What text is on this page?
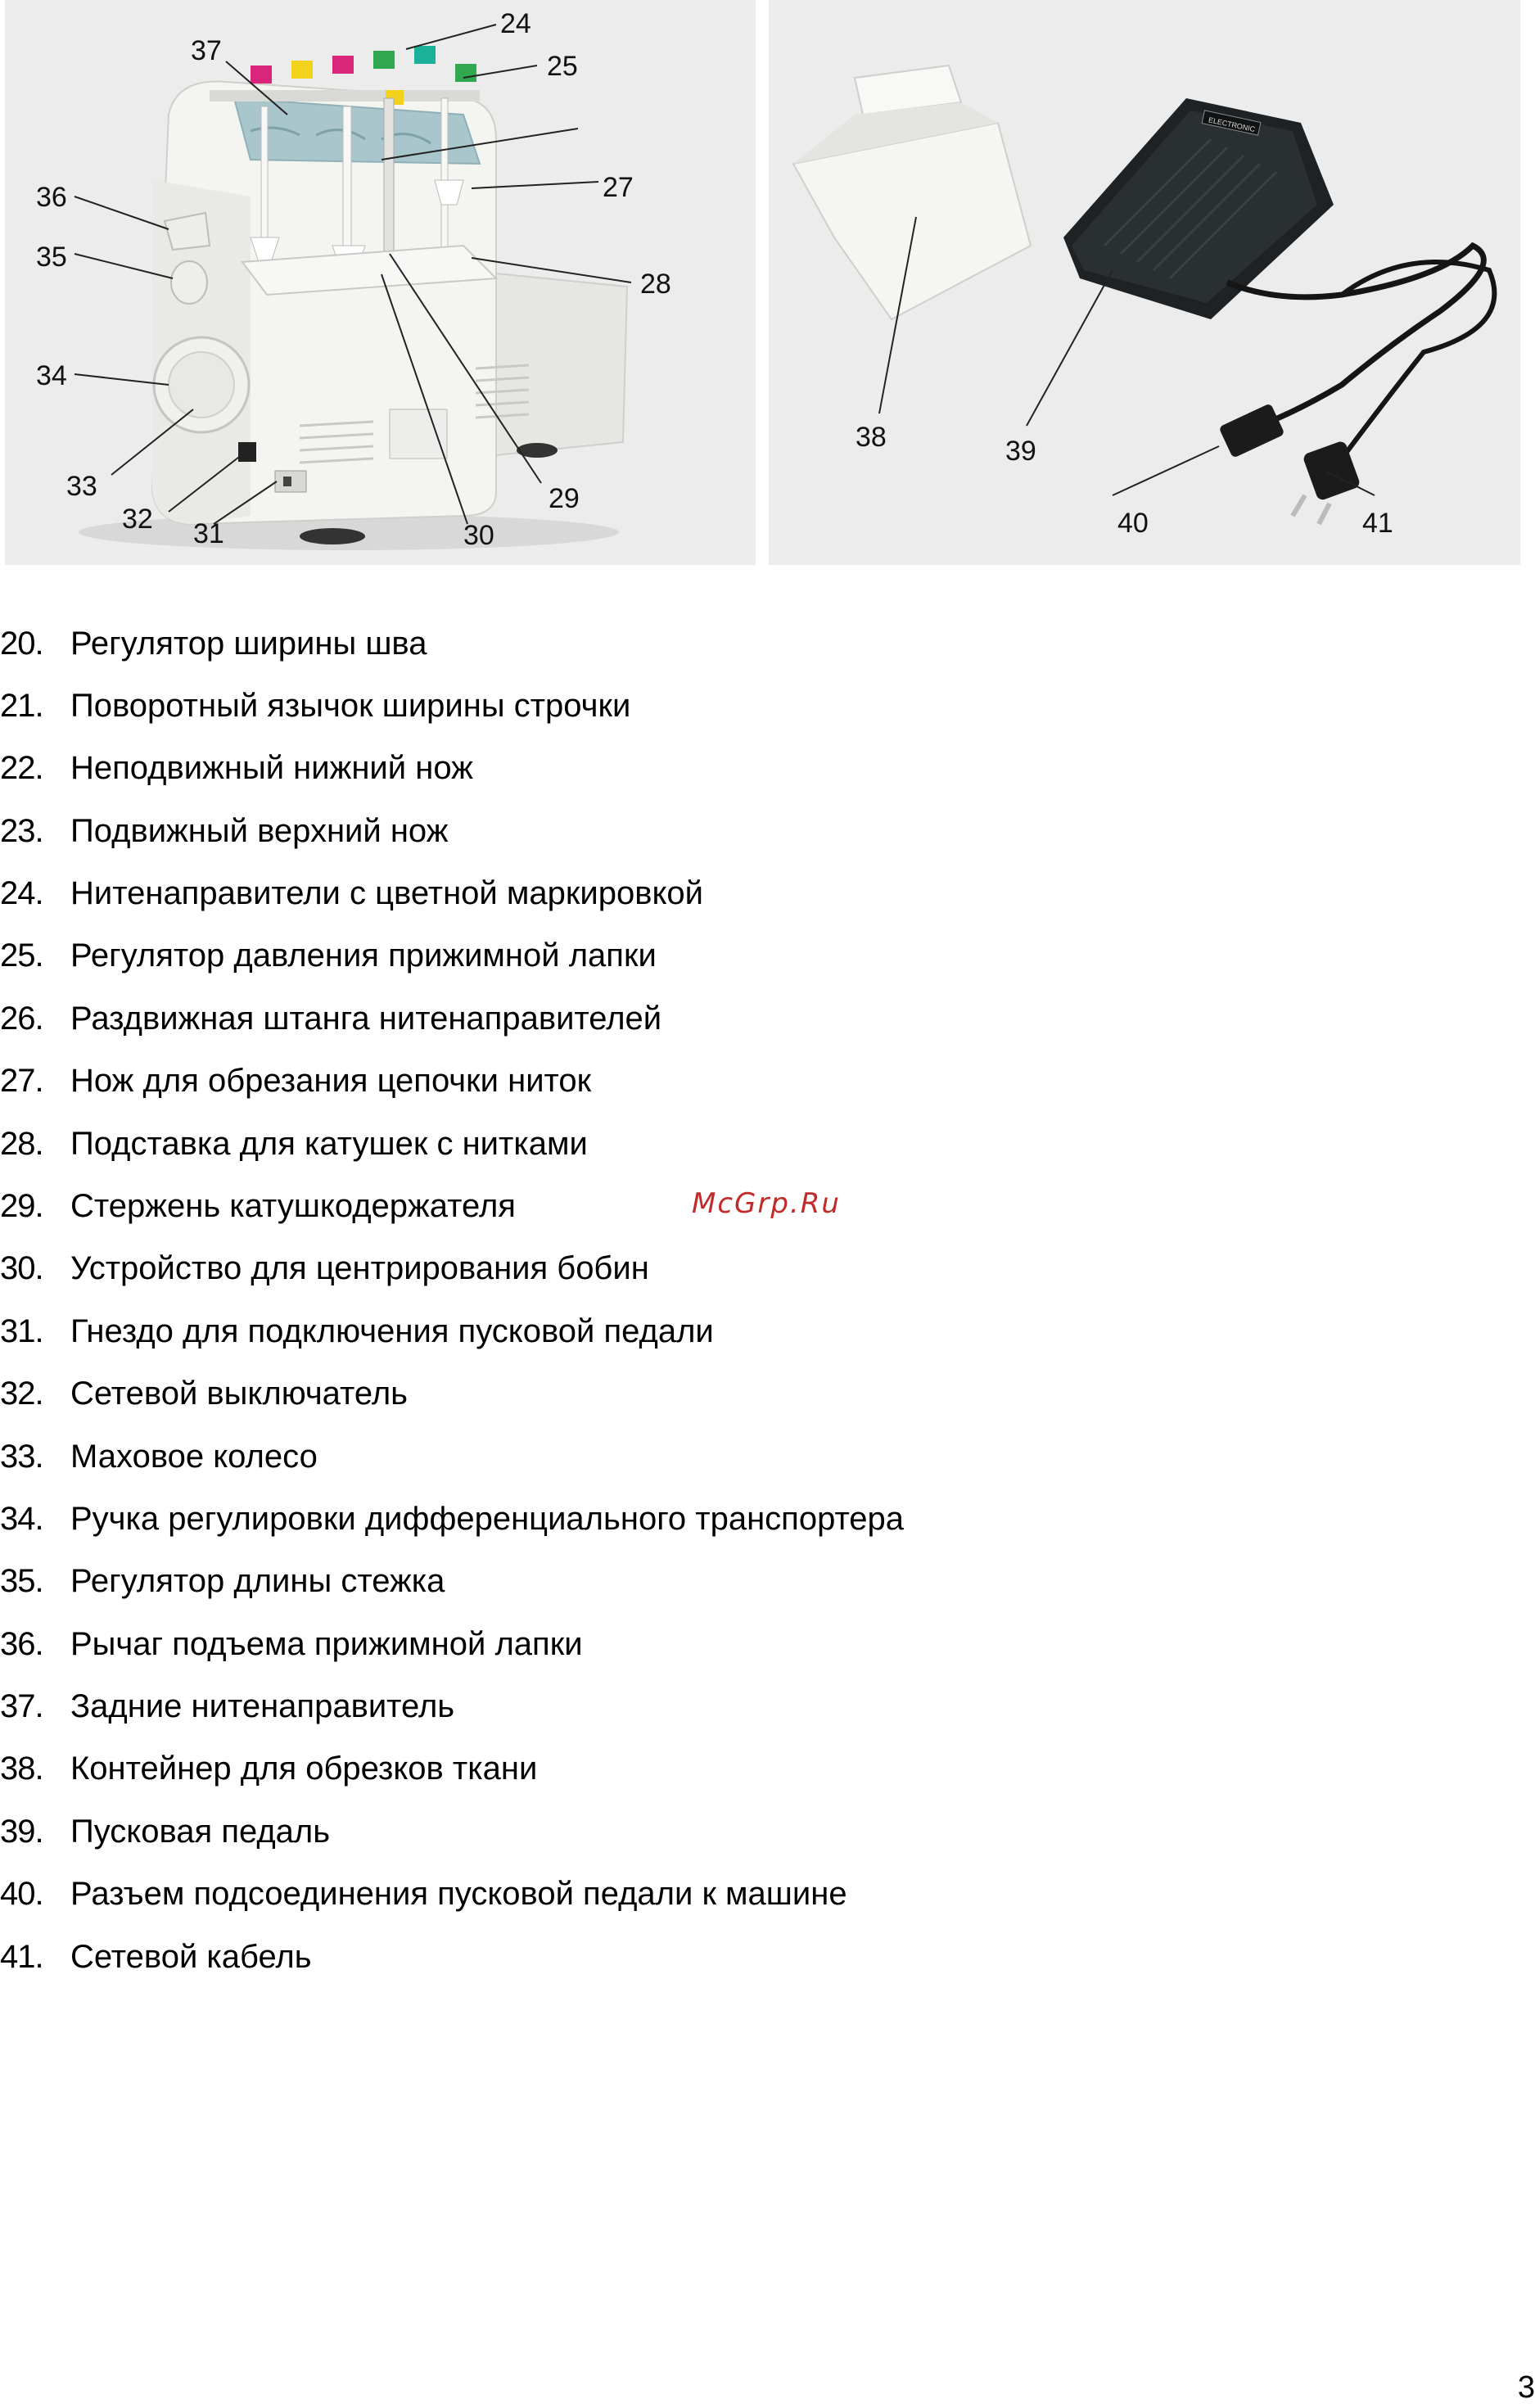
37
24
25
27
28
29
30
31
32
33
34
35
36
ELECTRONIC
38	39
40	41
20. Регулятор ширины шва
21. Поворотный язычок ширины строчки
22. Неподвижный нижний нож
23. Подвижный верхний нож
24. Нитенаправители с цветной маркировкой
25. Регулятор давления прижимной лапки
26. Раздвижная штанга нитенаправителей
27. Нож для обрезания цепочки ниток
28. Подставка для катушек с нитками
29. Стержень катушкодержателя
30. Устройство для центрирования бобин
31. Гнездо для подключения пусковой педали
32. Сетевой выключатель
33. Маховое колесо
34. Ручка регулировки дифференциального транспортера
35. Регулятор длины стежка
36. Рычаг подъема прижимной лапки
37. Задние нитенаправитель
38. Контейнер для обрезков ткани
39. Пусковая педаль
40. Разъем подсоединения пусковой педали к машине
41. Сетевой кабель
McGrp.Ru
3
